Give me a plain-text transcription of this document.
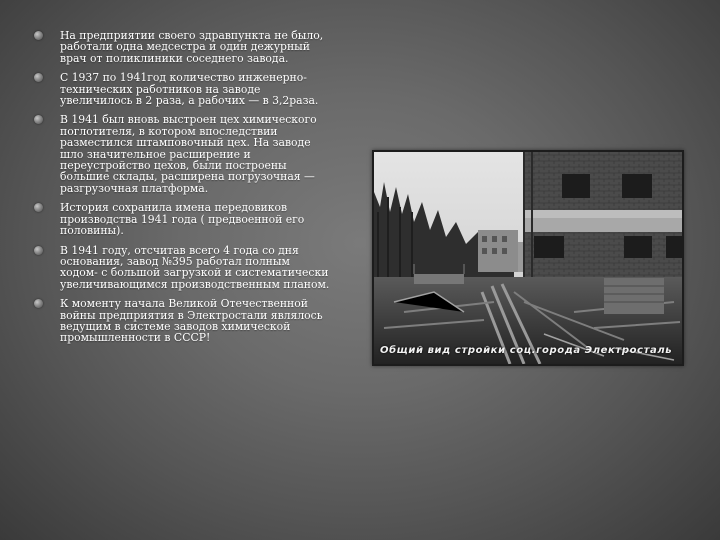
На предприятии своего здравпункта не было, работали одна медсестра и один дежурный врач от поликлиники соседнего завода.
С 1937 по 1941год количество инженерно-технических работников на заводе увеличилось в 2 раза, а рабочих — в 3,2раза.
В 1941 был вновь выстроен цех химического поглотителя, в котором впоследствии разместился штамповочный цех. На заводе шло значительное расширение и переустройство цехов, были построены большие склады, расширена погрузочная — разгрузочная платформа.
История сохранила имена передовиков производства 1941 года ( предвоенной его половины).
В 1941 году, отсчитав всего 4 года со дня основания, завод №395 работал полным ходом- с большой загрузкой и систематически увеличивающимся производственным планом.
К моменту начала Великой Отечественной войны предприятия в Электростали являлось ведущим в системе заводов химической промышленности в СССР!
Общий вид стройки соц.города Электросталь
